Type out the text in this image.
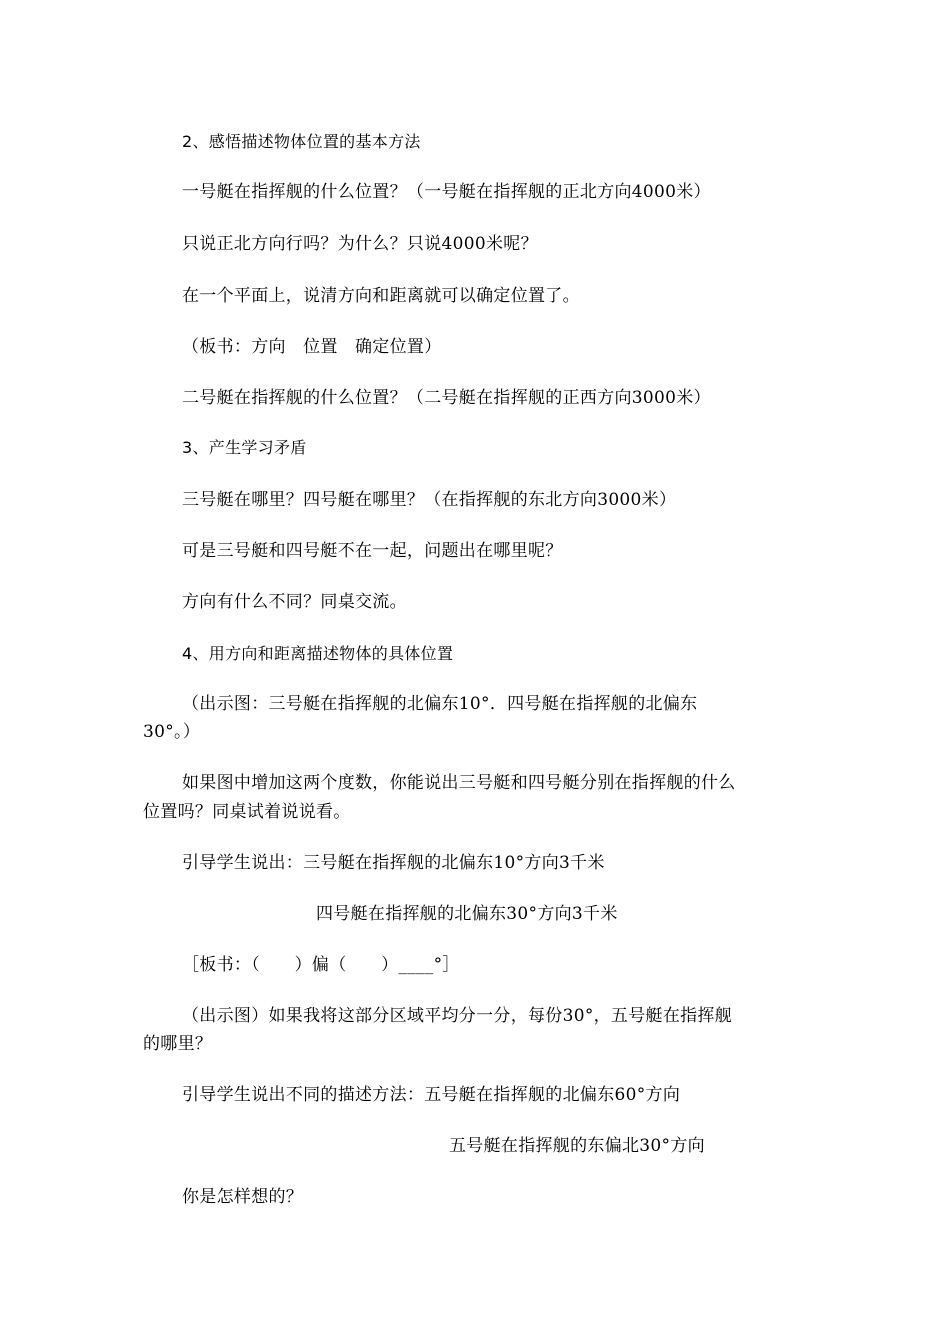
2、感悟描述物体位置的基本方法
一号艇在指挥舰的什么位置？（一号艇在指挥舰的正北方向4000米）
只说正北方向行吗？为什么？只说4000米呢？
在一个平面上，说清方向和距离就可以确定位置了。
（板书：方向　位置　确定位置）
二号艇在指挥舰的什么位置？（二号艇在指挥舰的正西方向3000米）
3、产生学习矛盾
三号艇在哪里？四号艇在哪里？（在指挥舰的东北方向3000米）
可是三号艇和四号艇不在一起，问题出在哪里呢？
方向有什么不同？同桌交流。
4、用方向和距离描述物体的具体位置
（出示图：三号艇在指挥舰的北偏东10°．四号艇在指挥舰的北偏东
30°。）
如果图中增加这两个度数，你能说出三号艇和四号艇分别在指挥舰的什么
位置吗？同桌试着说说看。
引导学生说出：三号艇在指挥舰的北偏东10°方向3千米
四号艇在指挥舰的北偏东30°方向3千米
［板书：（　　）偏（　　）____°］
（出示图）如果我将这部分区域平均分一分，每份30°，五号艇在指挥舰
的哪里？
引导学生说出不同的描述方法：五号艇在指挥舰的北偏东60°方向
五号艇在指挥舰的东偏北30°方向
你是怎样想的？
